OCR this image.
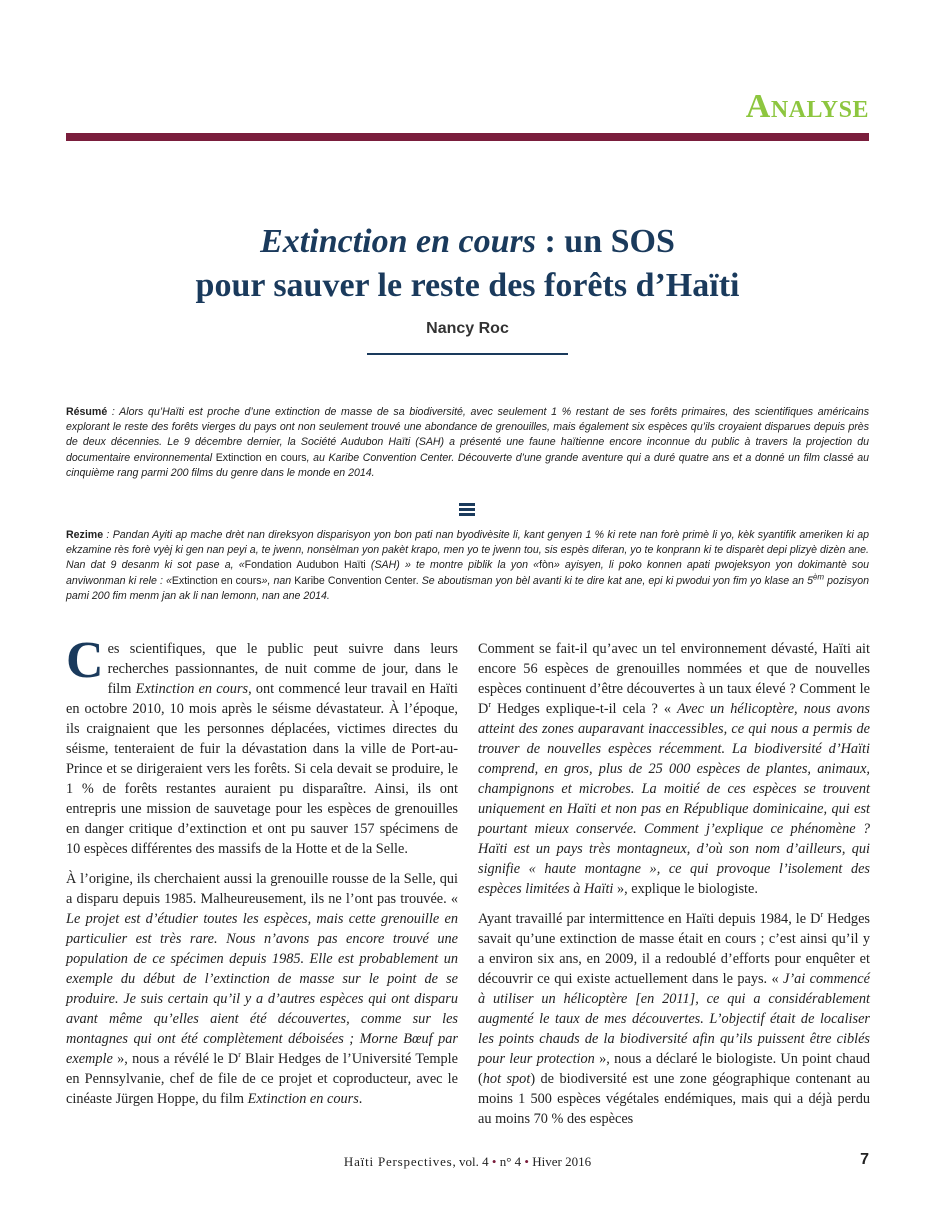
Analyse
Extinction en cours : un SOS
pour sauver le reste des forêts d’Haïti
Nancy Roc
Résumé : Alors qu’Haïti est proche d’une extinction de masse de sa biodiversité, avec seulement 1 % restant de ses forêts primaires, des scientifiques américains explorant le reste des forêts vierges du pays ont non seulement trouvé une abondance de grenouilles, mais également six espèces qu’ils croyaient disparues depuis près de deux décennies. Le 9 décembre dernier, la Société Audubon Haïti (SAH) a présenté une faune haïtienne encore inconnue du public à travers la projection du documentaire environnemental Extinction en cours, au Karibe Convention Center. Découverte d’une grande aventure qui a duré quatre ans et a donné un film classé au cinquième rang parmi 200 films du genre dans le monde en 2014.
Rezime : Pandan Ayiti ap mache drèt nan direksyon disparisyon yon bon pati nan byodivèsite li, kant genyen 1 % ki rete nan forè primè li yo, kèk syantifik ameriken ki ap ekzamine rès forè vyèj ki gen nan peyi a, te jwenn, nonsèlman yon pakèt krapo, men yo te jwenn tou, sis espès diferan, yo te konprann ki te disparèt depi plizyè dizèn ane. Nan dat 9 desanm ki sot pase a, «Fondation Audubon Haïti (SAH) » te montre piblik la yon «fòn» ayisyen, li poko konnen apati pwojeksyon yon dokimantè sou anviwonman ki rele : «Extinction en cours», nan Karibe Convention Center. Se aboutisman yon bèl avanti ki te dire kat ane, epi ki pwodui yon fim yo klase an $5^{èm}$ pozisyon pami 200 fim menm jan ak li nan lemonn, nan ane 2014.

Ces scientifiques, que le public peut suivre dans leurs recherches passionnantes, de nuit comme de jour, dans le film Extinction en cours, ont commencé leur travail en Haïti en octobre 2010, 10 mois après le séisme dévastateur. À l’époque, ils craignaient que les personnes déplacées, victimes directes du séisme, tenteraient de fuir la dévastation dans la ville de Port-au-Prince et se dirigeraient vers les forêts. Si cela devait se produire, le 1 % de forêts restantes auraient pu disparaître. Ainsi, ils ont entrepris une mission de sauvetage pour les espèces de grenouilles en danger critique d’extinction et ont pu sauver 157 spécimens de 10 espèces différentes des massifs de la Hotte et de la Selle.

À l’origine, ils cherchaient aussi la grenouille rousse de la Selle, qui a disparu depuis 1985. Malheureusement, ils ne l’ont pas trouvée. « Le projet est d’étudier toutes les espèces, mais cette grenouille en particulier est très rare. Nous n’avons pas encore trouvé une population de ce spécimen depuis 1985. Elle est probablement un exemple du début de l’extinction de masse sur le point de se produire. Je suis certain qu’il y a d’autres espèces qui ont disparu avant même qu’elles aient été découvertes, comme sur les montagnes qui ont été complètement déboisées ; Morne Bœuf par exemple », nous a révélé le $D^r$ Blair Hedges de l’Université Temple en Pennsylvanie, chef de file de ce projet et coproducteur, avec le cinéaste Jürgen Hoppe, du film Extinction en cours.

Comment se fait-il qu’avec un tel environnement dévasté, Haïti ait encore 56 espèces de grenouilles nommées et que de nouvelles espèces continuent d’être découvertes à un taux élevé ? Comment le $D^r$ Hedges explique-t-il cela ? « Avec un hélicoptère, nous avons atteint des zones auparavant inaccessibles, ce qui nous a permis de trouver de nouvelles espèces récemment. La biodiversité d’Haïti comprend, en gros, plus de 25 000 espèces de plantes, animaux, champignons et microbes. La moitié de ces espèces se trouvent uniquement en Haïti et non pas en République dominicaine, qui est pourtant mieux conservée. Comment j’explique ce phénomène ? Haïti est un pays très montagneux, d’où son nom d’ailleurs, qui signifie « haute montagne », ce qui provoque l’isolement des espèces limitées à Haïti », explique le biologiste.

Ayant travaillé par intermittence en Haïti depuis 1984, le $D^r$ Hedges savait qu’une extinction de masse était en cours ; c’est ainsi qu’il y a environ six ans, en 2009, il a redoublé d’efforts pour enquêter et découvrir ce qui existe actuellement dans le pays. « J’ai commencé à utiliser un hélicoptère [en 2011], ce qui a considérablement augmenté le taux de mes découvertes. L’objectif était de localiser les points chauds de la biodiversité afin qu’ils puissent être ciblés pour leur protection », nous a déclaré le biologiste. Un point chaud (hot spot) de biodiversité est une zone géographique contenant au moins 1 500 espèces végétales endémiques, mais qui a déjà perdu au moins 70 % des espèces

Haïti Perspectives, vol. 4 • n° 4 • Hiver 2016	7
